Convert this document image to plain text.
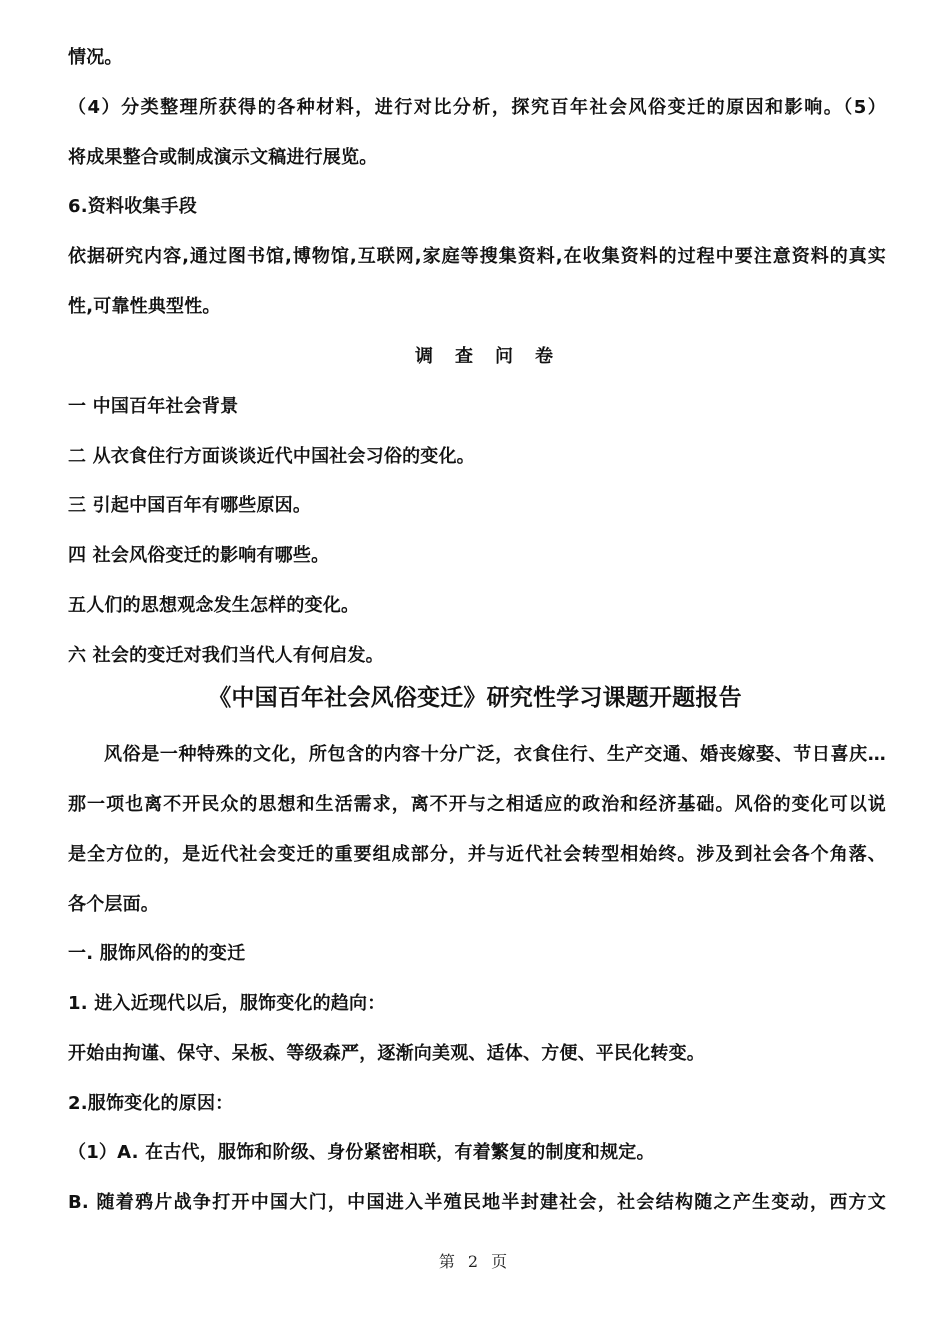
情况。
（4）分类整理所获得的各种材料，进行对比分析，探究百年社会风俗变迁的原因和影响。（5）
将成果整合或制成演示文稿进行展览。
6.资料收集手段
依据研究内容,通过图书馆,博物馆,互联网,家庭等搜集资料,在收集资料的过程中要注意资料的真实
性,可靠性典型性。
调查问卷
一 中国百年社会背景
二 从衣食住行方面谈谈近代中国社会习俗的变化。
三 引起中国百年有哪些原因。
四 社会风俗变迁的影响有哪些。
五人们的思想观念发生怎样的变化。
六 社会的变迁对我们当代人有何启发。
《中国百年社会风俗变迁》研究性学习课题开题报告
风俗是一种特殊的文化，所包含的内容十分广泛，衣食住行、生产交通、婚丧嫁娶、节日喜庆…
那一项也离不开民众的思想和生活需求，离不开与之相适应的政治和经济基础。风俗的变化可以说
是全方位的，是近代社会变迁的重要组成部分，并与近代社会转型相始终。涉及到社会各个角落、
各个层面。
一. 服饰风俗的的变迁
1. 进入近现代以后，服饰变化的趋向：
开始由拘谨、保守、呆板、等级森严，逐渐向美观、适体、方便、平民化转变。
2.服饰变化的原因：
（1）A. 在古代，服饰和阶级、身份紧密相联，有着繁复的制度和规定。
B. 随着鸦片战争打开中国大门，中国进入半殖民地半封建社会，社会结构随之产生变动，西方文
第 2 页
